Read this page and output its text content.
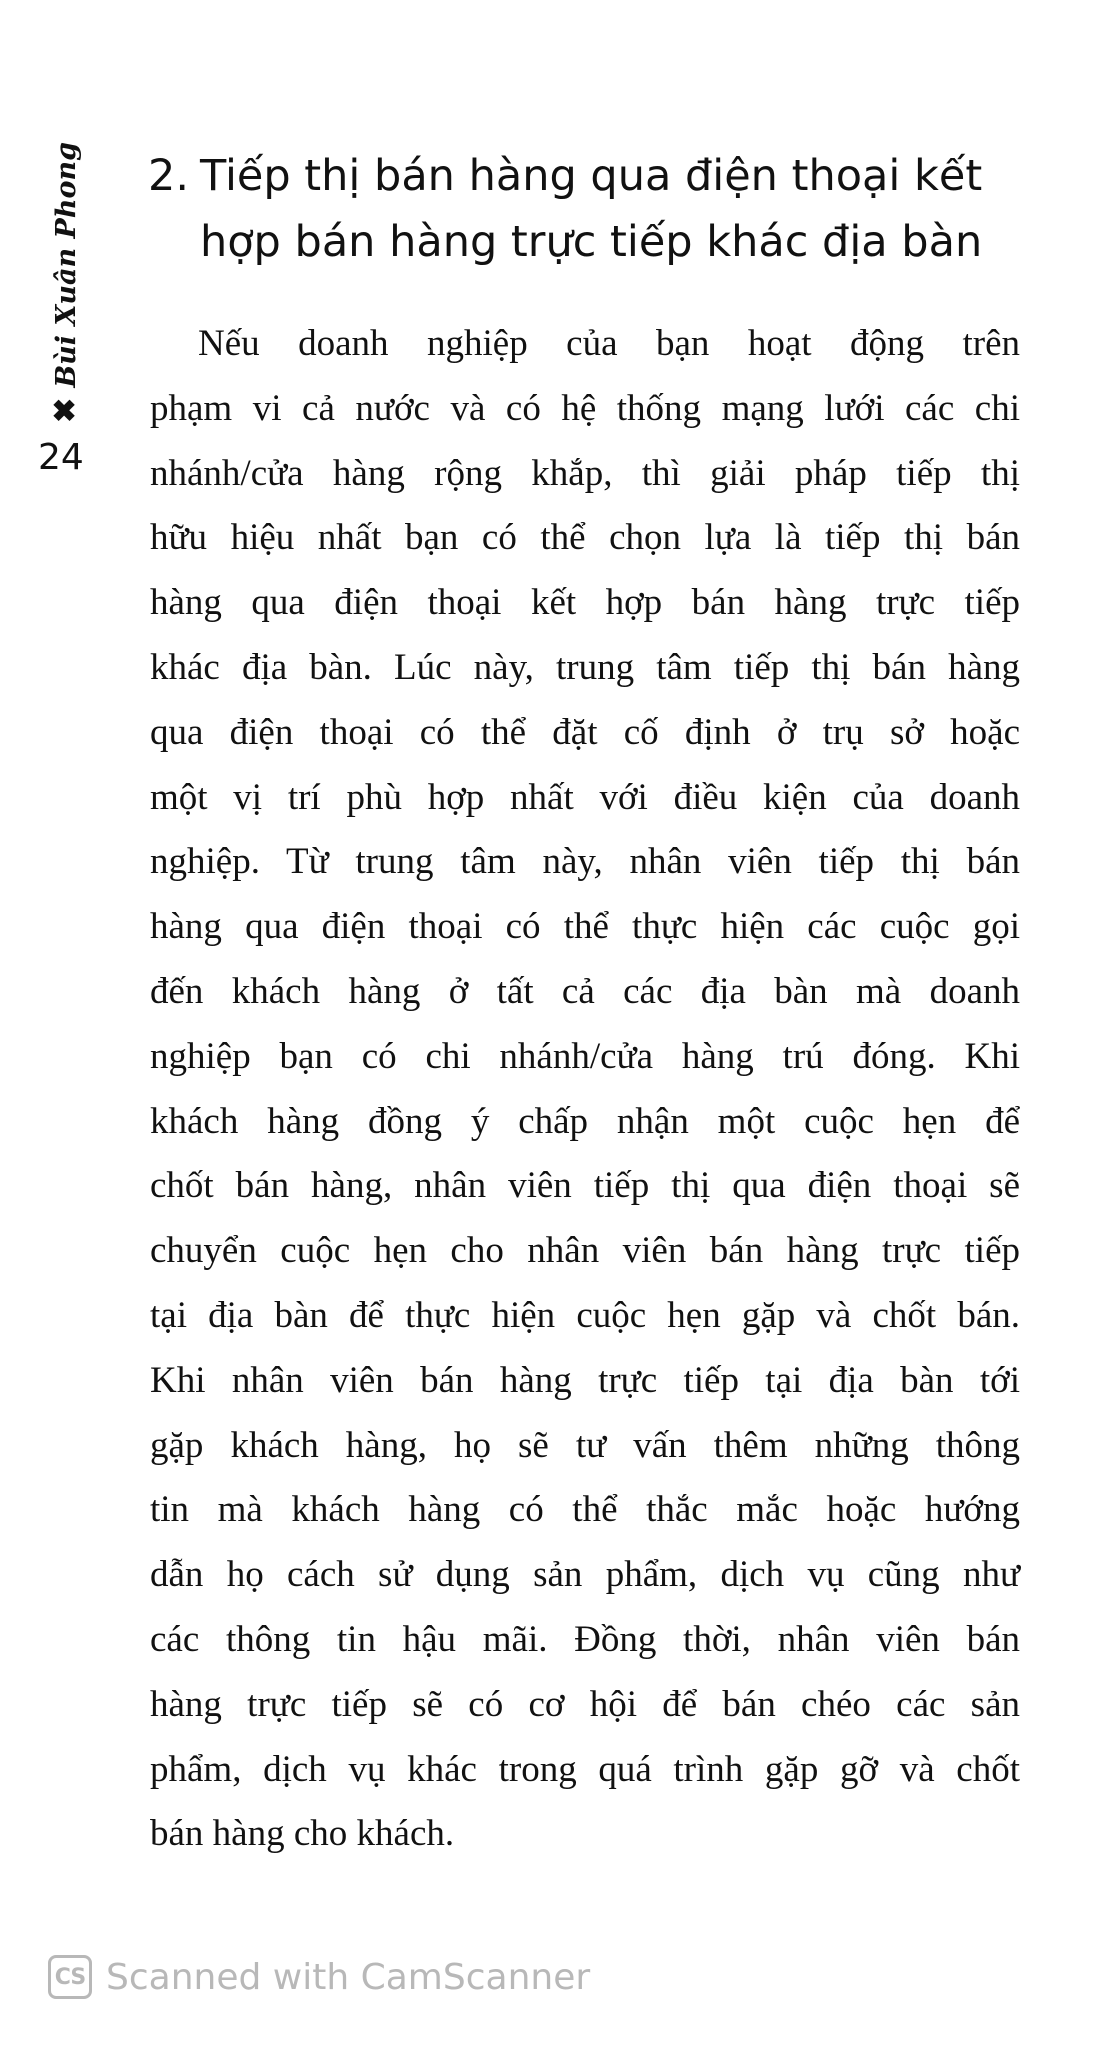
✖
Bùi Xuân Phong
24
2. Tiếp thị bán hàng qua điện thoại kết
hợp bán hàng trực tiếp khác địa bàn
Nếu doanh nghiệp của bạn hoạt động trên
phạm vi cả nước và có hệ thống mạng lưới các chi
nhánh/cửa hàng rộng khắp, thì giải pháp tiếp thị
hữu hiệu nhất bạn có thể chọn lựa là tiếp thị bán
hàng qua điện thoại kết hợp bán hàng trực tiếp
khác địa bàn. Lúc này, trung tâm tiếp thị bán hàng
qua điện thoại có thể đặt cố định ở trụ sở hoặc
một vị trí phù hợp nhất với điều kiện của doanh
nghiệp. Từ trung tâm này, nhân viên tiếp thị bán
hàng qua điện thoại có thể thực hiện các cuộc gọi
đến khách hàng ở tất cả các địa bàn mà doanh
nghiệp bạn có chi nhánh/cửa hàng trú đóng. Khi
khách hàng đồng ý chấp nhận một cuộc hẹn để
chốt bán hàng, nhân viên tiếp thị qua điện thoại sẽ
chuyển cuộc hẹn cho nhân viên bán hàng trực tiếp
tại địa bàn để thực hiện cuộc hẹn gặp và chốt bán.
Khi nhân viên bán hàng trực tiếp tại địa bàn tới
gặp khách hàng, họ sẽ tư vấn thêm những thông
tin mà khách hàng có thể thắc mắc hoặc hướng
dẫn họ cách sử dụng sản phẩm, dịch vụ cũng như
các thông tin hậu mãi. Đồng thời, nhân viên bán
hàng trực tiếp sẽ có cơ hội để bán chéo các sản
phẩm, dịch vụ khác trong quá trình gặp gỡ và chốt
bán hàng cho khách.
CS Scanned with CamScanner
